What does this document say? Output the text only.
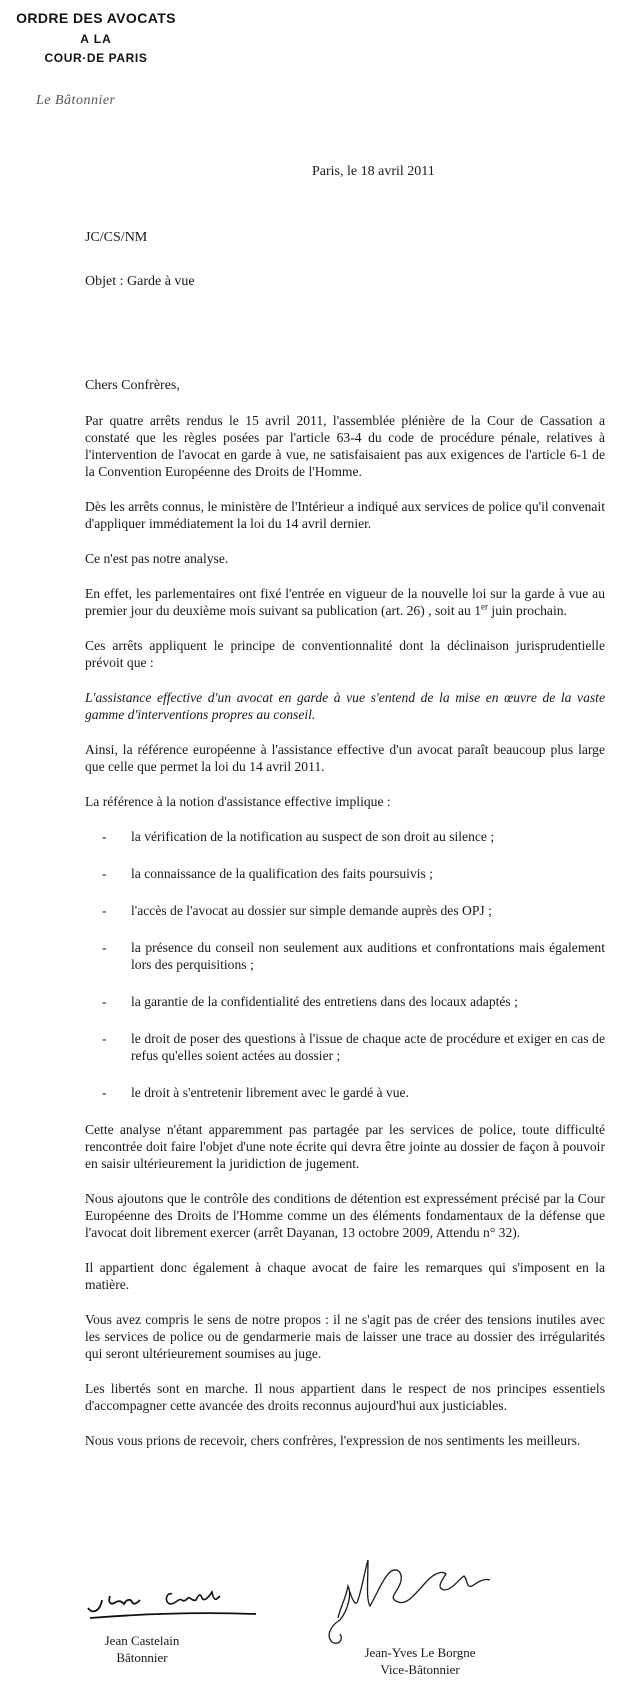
ORDRE DES AVOCATS
A LA
COUR·DE PARIS
Le Bâtonnier
Paris, le 18 avril 2011
JC/CS/NM
Objet : Garde à vue
Chers Confrères,

Par quatre arrêts rendus le 15 avril 2011, l'assemblée plénière de la Cour de Cassation a constaté que les règles posées par l'article 63-4 du code de procédure pénale, relatives à l'intervention de l'avocat en garde à vue, ne satisfaisaient pas aux exigences de l'article 6-1 de la Convention Européenne des Droits de l'Homme.

Dès les arrêts connus, le ministère de l'Intérieur a indiqué aux services de police qu'il convenait d'appliquer immédiatement la loi du 14 avril dernier.

Ce n'est pas notre analyse.

En effet, les parlementaires ont fixé l'entrée en vigueur de la nouvelle loi sur la garde à vue au premier jour du deuxième mois suivant sa publication (art. 26) , soit au 1er juin prochain.

Ces arrêts appliquent le principe de conventionnalité dont la déclinaison jurisprudentielle prévoit que :

L'assistance effective d'un avocat en garde à vue s'entend de la mise en œuvre de la vaste gamme d'interventions propres au conseil.

Ainsi, la référence européenne à l'assistance effective d'un avocat paraît beaucoup plus large que celle que permet la loi du 14 avril 2011.

La référence à la notion d'assistance effective implique :

- la vérification de la notification au suspect de son droit au silence ;
- la connaissance de la qualification des faits poursuivis ;
- l'accès de l'avocat au dossier sur simple demande auprès des OPJ ;
- la présence du conseil non seulement aux auditions et confrontations mais également lors des perquisitions ;
- la garantie de la confidentialité des entretiens dans des locaux adaptés ;
- le droit de poser des questions à l'issue de chaque acte de procédure et exiger en cas de refus qu'elles soient actées au dossier ;
- le droit à s'entretenir librement avec le gardé à vue.

Cette analyse n'étant apparemment pas partagée par les services de police, toute difficulté rencontrée doit faire l'objet d'une note écrite qui devra être jointe au dossier de façon à pouvoir en saisir ultérieurement la juridiction de jugement.

Nous ajoutons que le contrôle des conditions de détention est expressément précisé par la Cour Européenne des Droits de l'Homme comme un des éléments fondamentaux de la défense que l'avocat doit librement exercer (arrêt Dayanan, 13 octobre 2009, Attendu n° 32).

Il appartient donc également à chaque avocat de faire les remarques qui s'imposent en la matière.

Vous avez compris le sens de notre propos : il ne s'agit pas de créer des tensions inutiles avec les services de police ou de gendarmerie mais de laisser une trace au dossier des irrégularités qui seront ultérieurement soumises au juge.

Les libertés sont en marche. Il nous appartient dans le respect de nos principes essentiels d'accompagner cette avancée des droits reconnus aujourd'hui aux justiciables.

Nous vous prions de recevoir, chers confrères, l'expression de nos sentiments les meilleurs.

Jean Castelain
Bâtonnier	Jean-Yves Le Borgne
Vice-Bâtonnier
